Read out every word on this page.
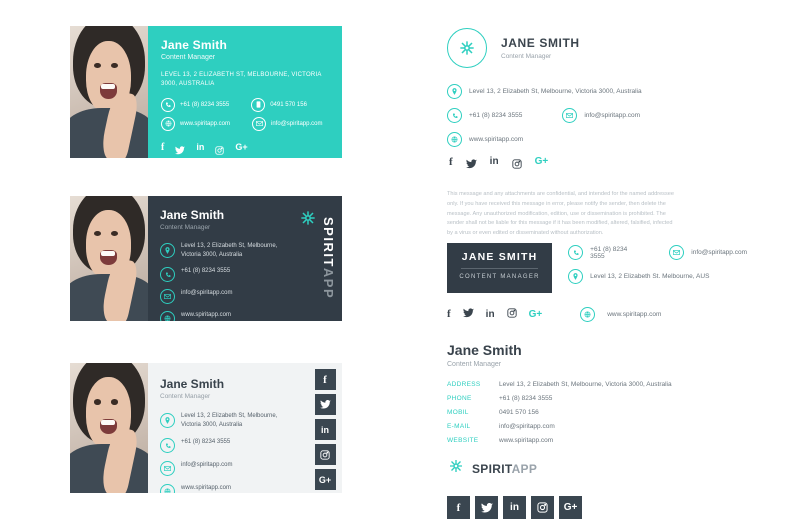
Jane Smith
Content Manager
LEVEL 13, 2 ELIZABETH ST, MELBOURNE, VICTORIA 3000, AUSTRALIA
+61 (8) 8234 3555	0491 570 156
www.spiritapp.com	info@spiritapp.com
f	in	G+
Jane Smith
Content Manager
Level 13, 2 Elizabeth St, Melbourne,
Victoria 3000, Australia
+61 (8) 8234 3555
info@spiritapp.com
www.spiritapp.com
SPIRITAPP
Jane Smith
Content Manager
Level 13, 2 Elizabeth St, Melbourne,
Victoria 3000, Australia
+61 (8) 8234 3555
info@spiritapp.com
www.spiritapp.com
f
in
G+
JANE SMITH
Content Manager
Level 13, 2 Elizabeth St, Melbourne, Victoria 3000, Australia
+61 (8) 8234 3555	info@spiritapp.com
www.spiritapp.com
f	in	G+
This message and any attachments are confidential, and intended for the named addressee only. If you have received this message in error, please notify the sender, then delete the message. Any unauthorized modification, edition, use or dissemination is prohibited. The sender shall not be liable for this message if it has been modified, altered, falsified, infected by a virus or even edited or disseminated without authorization.
JANE SMITH
CONTENT MANAGER
+61 (8) 8234 3555	info@spiritapp.com
Level 13, 2 Elizabeth St. Melbourne, AUS
f	in	G+	www.spiritapp.com
Jane Smith
Content Manager
ADDRESS	Level 13, 2 Elizabeth St, Melbourne, Victoria 3000, Australia
PHONE	+61 (8) 8234 3555
MOBIL	0491 570 156
E-MAIL	info@spiritapp.com
WEBSITE	www.spiritapp.com
SPIRITAPP
f	in	G+
